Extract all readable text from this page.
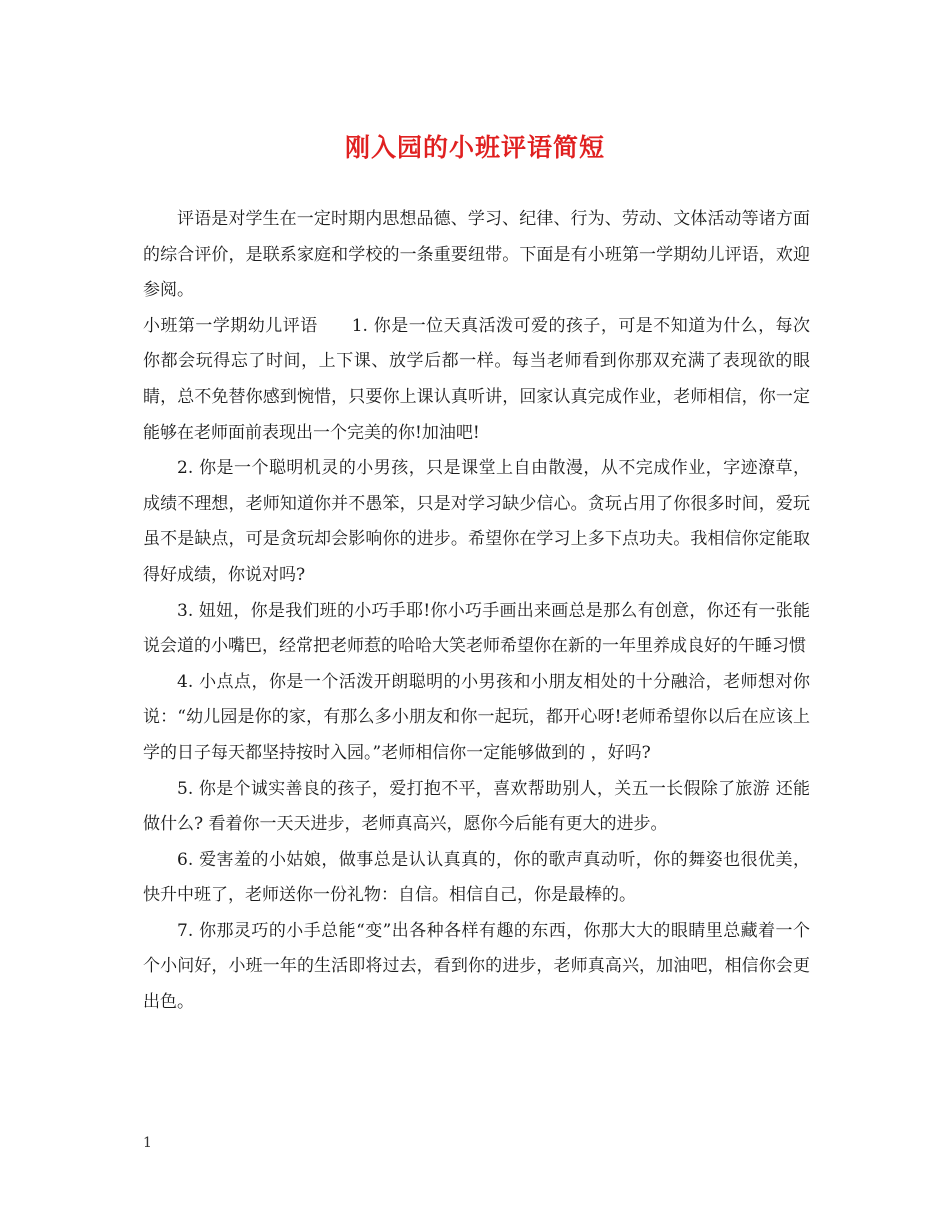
刚入园的小班评语简短

评语是对学生在一定时期内思想品德、学习、纪律、行为、劳动、文体活动等诸方面的综合评价，是联系家庭和学校的一条重要纽带。下面是有小班第一学期幼儿评语，欢迎参阅。

小班第一学期幼儿评语 1. 你是一位天真活泼可爱的孩子，可是不知道为什么，每次你都会玩得忘了时间，上下课、放学后都一样。每当老师看到你那双充满了表现欲的眼睛，总不免替你感到惋惜，只要你上课认真听讲，回家认真完成作业，老师相信，你一定能够在老师面前表现出一个完美的你!加油吧!

2. 你是一个聪明机灵的小男孩，只是课堂上自由散漫，从不完成作业，字迹潦草，成绩不理想，老师知道你并不愚笨，只是对学习缺少信心。贪玩占用了你很多时间，爱玩虽不是缺点，可是贪玩却会影响你的进步。希望你在学习上多下点功夫。我相信你定能取得好成绩，你说对吗?

3. 妞妞，你是我们班的小巧手耶!你小巧手画出来画总是那么有创意，你还有一张能说会道的小嘴巴，经常把老师惹的哈哈大笑老师希望你在新的一年里养成良好的午睡习惯

4. 小点点，你是一个活泼开朗聪明的小男孩和小朋友相处的十分融洽，老师想对你说：“幼儿园是你的家，有那么多小朋友和你一起玩，都开心呀!老师希望你以后在应该上学的日子每天都坚持按时入园。”老师相信你一定能够做到的 ，好吗?

5. 你是个诚实善良的孩子，爱打抱不平，喜欢帮助别人，关五一长假除了旅游 还能做什么? 看着你一天天进步，老师真高兴，愿你今后能有更大的进步。

6. 爱害羞的小姑娘，做事总是认认真真的，你的歌声真动听，你的舞姿也很优美，快升中班了，老师送你一份礼物：自信。相信自己，你是最棒的。

7. 你那灵巧的小手总能“变”出各种各样有趣的东西，你那大大的眼睛里总藏着一个个小问好，小班一年的生活即将过去，看到你的进步，老师真高兴，加油吧，相信你会更出色。

1
